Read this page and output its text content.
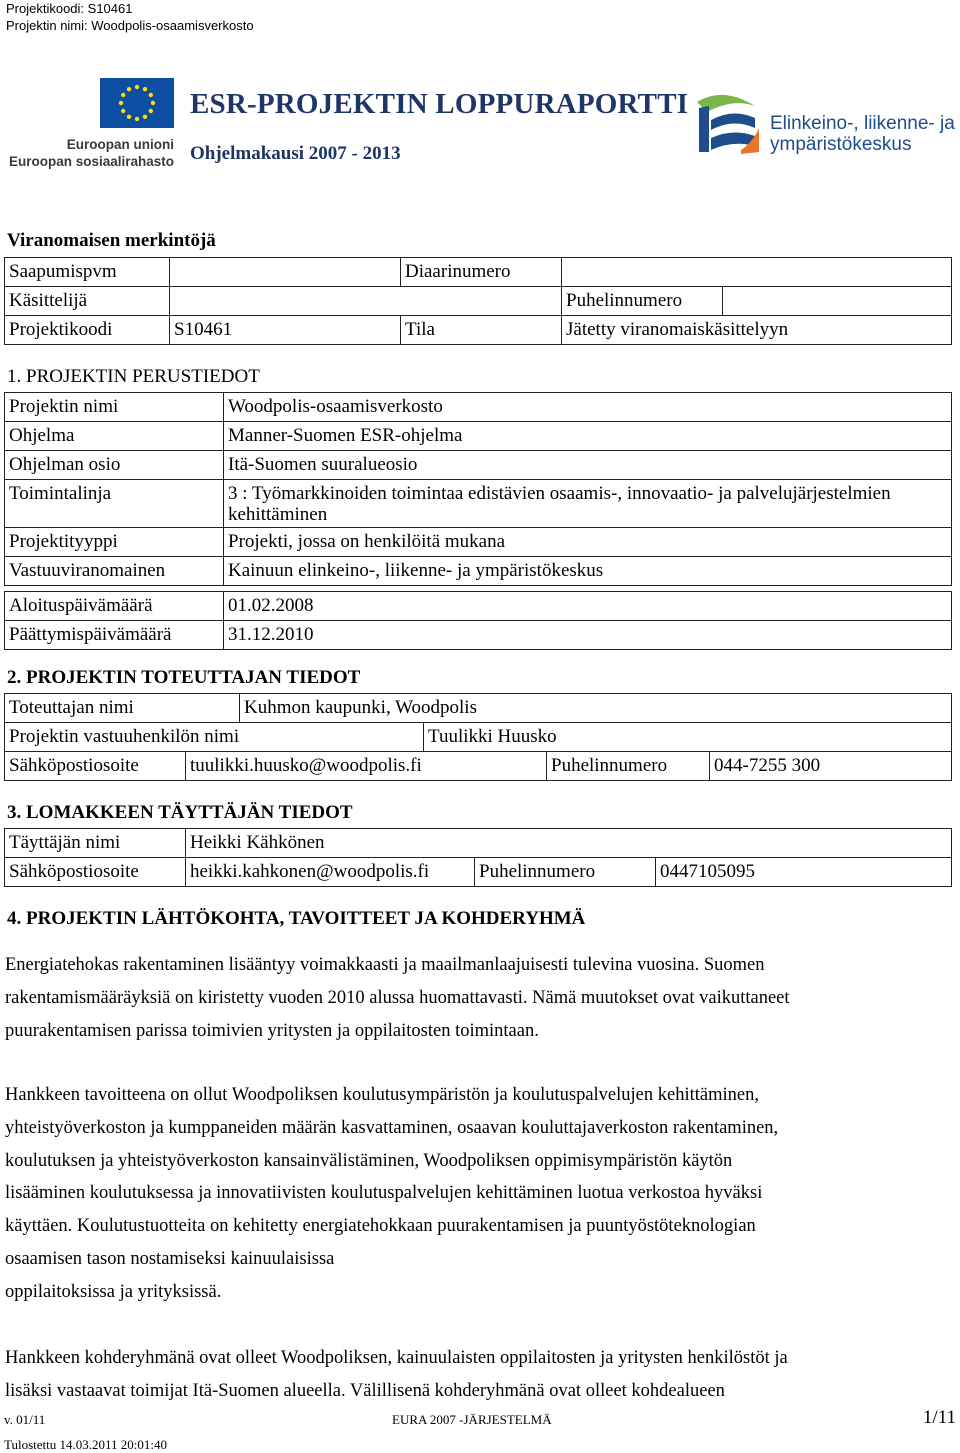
Projektikoodi: S10461
Projektin nimi: Woodpolis-osaamisverkosto
Euroopan unioni
Euroopan sosiaalirahasto
ESR-PROJEKTIN LOPPURAPORTTI
Ohjelmakausi 2007 - 2013
Elinkeino-, liikenne- ja
ympäristökeskus
Viranomaisen merkintöjä
Saapumispvm		Diaarinumero		
Käsittelijä			Puhelinnumero	
Projektikoodi	S10461	Tila	Jätetty viranomaiskäsittelyyn	
1. PROJEKTIN PERUSTIEDOT
Projektin nimi	Woodpolis-osaamisverkosto
Ohjelma	Manner-Suomen ESR-ohjelma
Ohjelman osio	Itä-Suomen suuralueosio
Toimintalinja	3 : Työmarkkinoiden toimintaa edistävien osaamis-, innovaatio- ja palvelujärjestelmien kehittäminen
Projektityyppi	Projekti, jossa on henkilöitä mukana
Vastuuviranomainen	Kainuun elinkeino-, liikenne- ja ympäristökeskus
Aloituspäivämäärä	01.02.2008
Päättymispäivämäärä	31.12.2010
2. PROJEKTIN TOTEUTTAJAN TIEDOT
Toteuttajan nimi	Kuhmon kaupunki, Woodpolis
Projektin vastuuhenkilön nimi	Tuulikki Huusko
Sähköpostiosoite	tuulikki.huusko@woodpolis.fi	Puhelinnumero	044-7255 300
3. LOMAKKEEN TÄYTTÄJÄN TIEDOT
Täyttäjän nimi	Heikki Kähkönen
Sähköpostiosoite	heikki.kahkonen@woodpolis.fi	Puhelinnumero	0447105095
4. PROJEKTIN LÄHTÖKOHTA, TAVOITTEET JA KOHDERYHMÄ
Energiatehokas rakentaminen lisääntyy voimakkaasti ja maailmanlaajuisesti tulevina vuosina. Suomen
rakentamismääräyksiä on kiristetty vuoden 2010 alussa huomattavasti. Nämä muutokset ovat vaikuttaneet
puurakentamisen parissa toimivien yritysten ja oppilaitosten toimintaan.
Hankkeen tavoitteena on ollut Woodpoliksen koulutusympäristön ja koulutuspalvelujen kehittäminen,
yhteistyöverkoston ja kumppaneiden määrän kasvattaminen, osaavan kouluttajaverkoston rakentaminen,
koulutuksen ja yhteistyöverkoston kansainvälistäminen, Woodpoliksen oppimisympäristön käytön
lisääminen koulutuksessa ja innovatiivisten koulutuspalvelujen kehittäminen luotua verkostoa hyväksi
käyttäen. Koulutustuotteita on kehitetty energiatehokkaan puurakentamisen ja puuntyöstöteknologian
osaamisen tason nostamiseksi kainuulaisissa
oppilaitoksissa ja yrityksissä.
Hankkeen kohderyhmänä ovat olleet Woodpoliksen, kainuulaisten oppilaitosten ja yritysten henkilöstöt ja
lisäksi vastaavat toimijat Itä-Suomen alueella. Välillisenä kohderyhmänä ovat olleet kohdealueen
v. 01/11	EURA 2007 -JÄRJESTELMÄ	1/11
Tulostettu 14.03.2011 20:01:40
